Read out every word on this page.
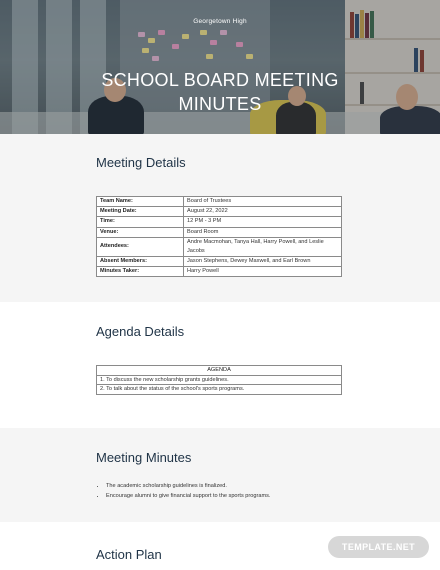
Georgetown High
SCHOOL BOARD MEETING
MINUTES
Meeting Details
Team Name:	Board of Trustees
Meeting Date:	August 22, 2022
Time:	12 PM - 3 PM
Venue:	Board Room
Attendees:	Andre Macmohan, Tanya Hall, Harry Powell, and Leslie Jacobs
Absent Members:	Jason Stephens, Dewey Maxwell, and Earl Brown
Minutes Taker:	Harry Powell
Agenda Details
AGENDA
1. To discuss the new scholarship grants guidelines.
2. To talk about the status of the school's sports programs.
Meeting Minutes
• The academic scholarship guidelines is finalized.
• Encourage alumni to give financial support to the sports programs.
Action Plan	TEMPLATE.NET
